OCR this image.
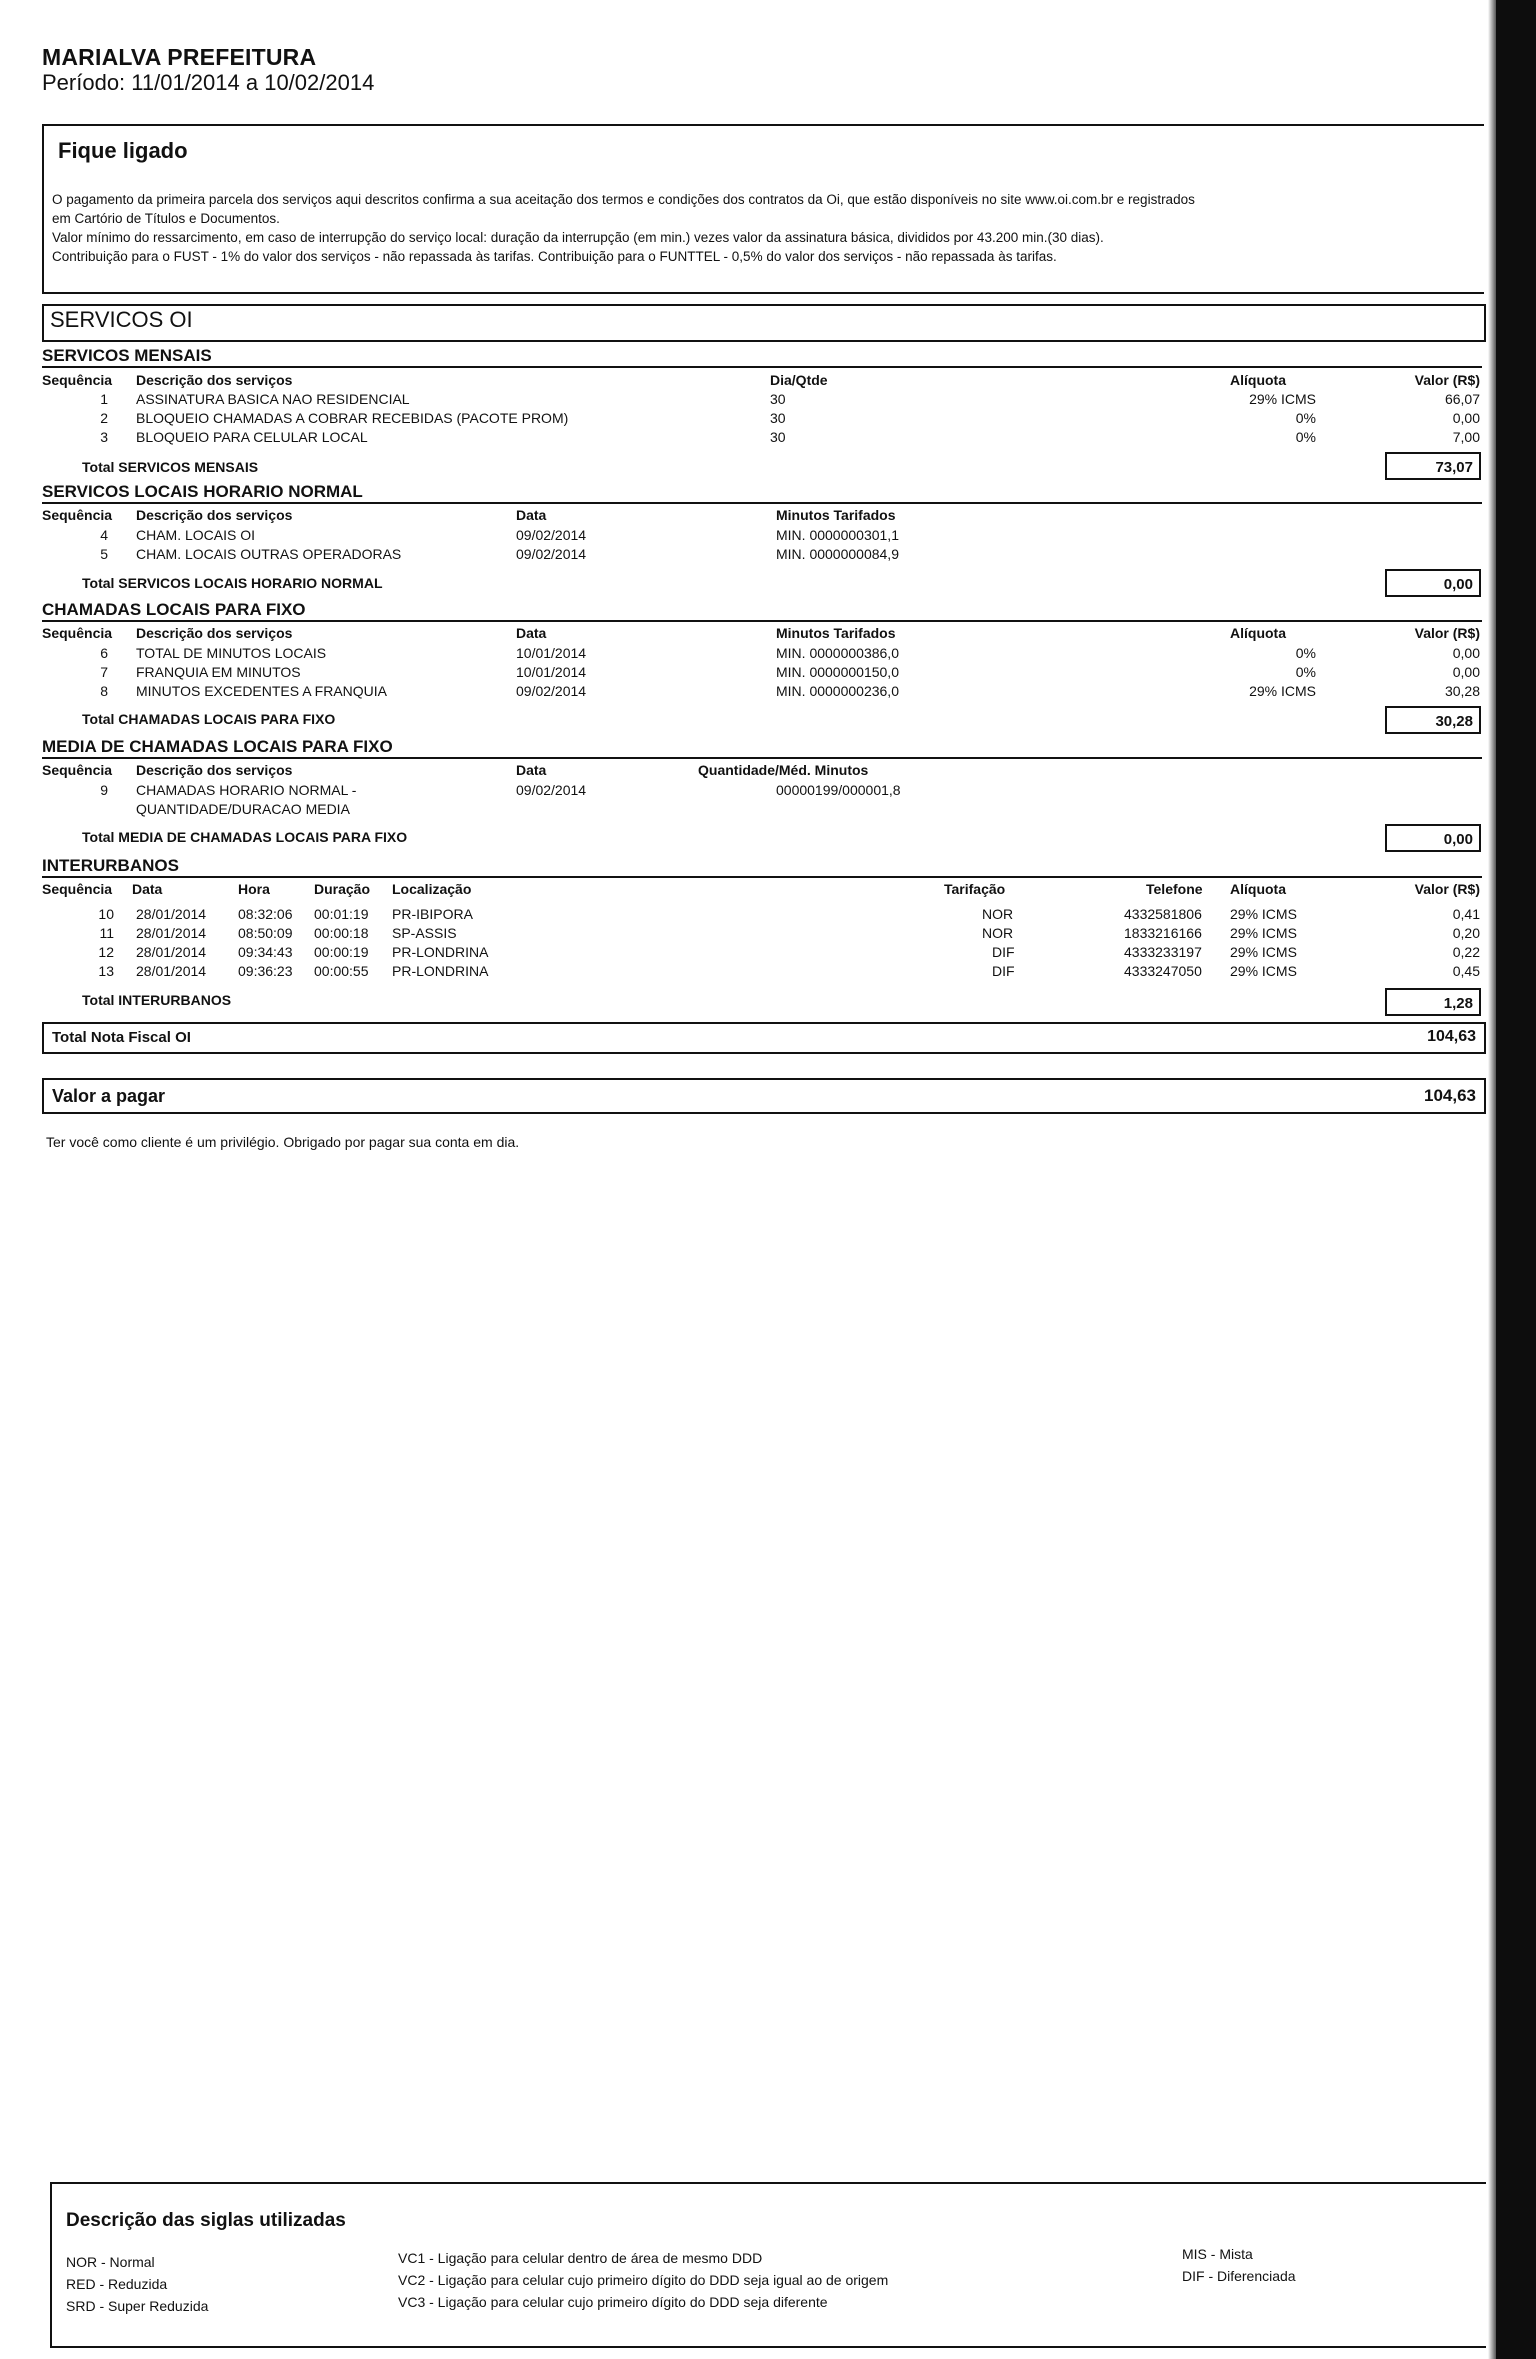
MARIALVA PREFEITURA
Período: 11/01/2014 a 10/02/2014
Fique ligado
O pagamento da primeira parcela dos serviços aqui descritos confirma a sua aceitação dos termos e condições dos contratos da Oi, que estão disponíveis no site www.oi.com.br e registrados
em Cartório de Títulos e Documentos.
Valor mínimo do ressarcimento, em caso de interrupção do serviço local: duração da interrupção (em min.) vezes valor da assinatura básica, divididos por 43.200 min.(30 dias).
Contribuição para o FUST - 1% do valor dos serviços - não repassada às tarifas. Contribuição para o FUNTTEL - 0,5% do valor dos serviços - não repassada às tarifas.
SERVICOS OI
SERVICOS MENSAIS
Sequência Descrição dos serviços	Dia/Qtde	Alíquota	Valor (R$)
1 ASSINATURA BASICA NAO RESIDENCIAL	30	29% ICMS	66,07
2 BLOQUEIO CHAMADAS A COBRAR RECEBIDAS (PACOTE PROM)	30	0%	0,00
3 BLOQUEIO PARA CELULAR LOCAL	30	0%	7,00
Total SERVICOS MENSAIS	73,07
SERVICOS LOCAIS HORARIO NORMAL
Sequência Descrição dos serviços	Data	Minutos Tarifados
4 CHAM. LOCAIS OI	09/02/2014	MIN. 0000000301,1
5 CHAM. LOCAIS OUTRAS OPERADORAS	09/02/2014	MIN. 0000000084,9
Total SERVICOS LOCAIS HORARIO NORMAL	0,00
CHAMADAS LOCAIS PARA FIXO
Sequência Descrição dos serviços	Data	Minutos Tarifados	Alíquota	Valor (R$)
6 TOTAL DE MINUTOS LOCAIS	10/01/2014	MIN. 0000000386,0	0%	0,00
7 FRANQUIA EM MINUTOS	10/01/2014	MIN. 0000000150,0	0%	0,00
8 MINUTOS EXCEDENTES A FRANQUIA	09/02/2014	MIN. 0000000236,0	29% ICMS	30,28
Total CHAMADAS LOCAIS PARA FIXO	30,28
MEDIA DE CHAMADAS LOCAIS PARA FIXO
Sequência Descrição dos serviços	Data	Quantidade/Méd. Minutos
9 CHAMADAS HORARIO NORMAL -	09/02/2014	00000199/000001,8
QUANTIDADE/DURACAO MEDIA
Total MEDIA DE CHAMADAS LOCAIS PARA FIXO	0,00
INTERURBANOS
Sequência Data	Hora	Duração Localização	Tarifação	Telefone Alíquota	Valor (R$)
10 28/01/2014 08:32:06 00:01:19 PR-IBIPORA	NOR	4332581806 29% ICMS	0,41
11 28/01/2014 08:50:09 00:00:18 SP-ASSIS	NOR	1833216166 29% ICMS	0,20
12 28/01/2014 09:34:43 00:00:19 PR-LONDRINA	DIF	4333233197 29% ICMS	0,22
13 28/01/2014 09:36:23 00:00:55 PR-LONDRINA	DIF	4333247050 29% ICMS	0,45
Total INTERURBANOS	1,28
Total Nota Fiscal OI	104,63
Valor a pagar	104,63
Ter você como cliente é um privilégio. Obrigado por pagar sua conta em dia.
Descrição das siglas utilizadas
NOR - Normal
RED - Reduzida
SRD - Super Reduzida
VC1 - Ligação para celular dentro de área de mesmo DDD
VC2 - Ligação para celular cujo primeiro dígito do DDD seja igual ao de origem
VC3 - Ligação para celular cujo primeiro dígito do DDD seja diferente
MIS - Mista
DIF - Diferenciada
